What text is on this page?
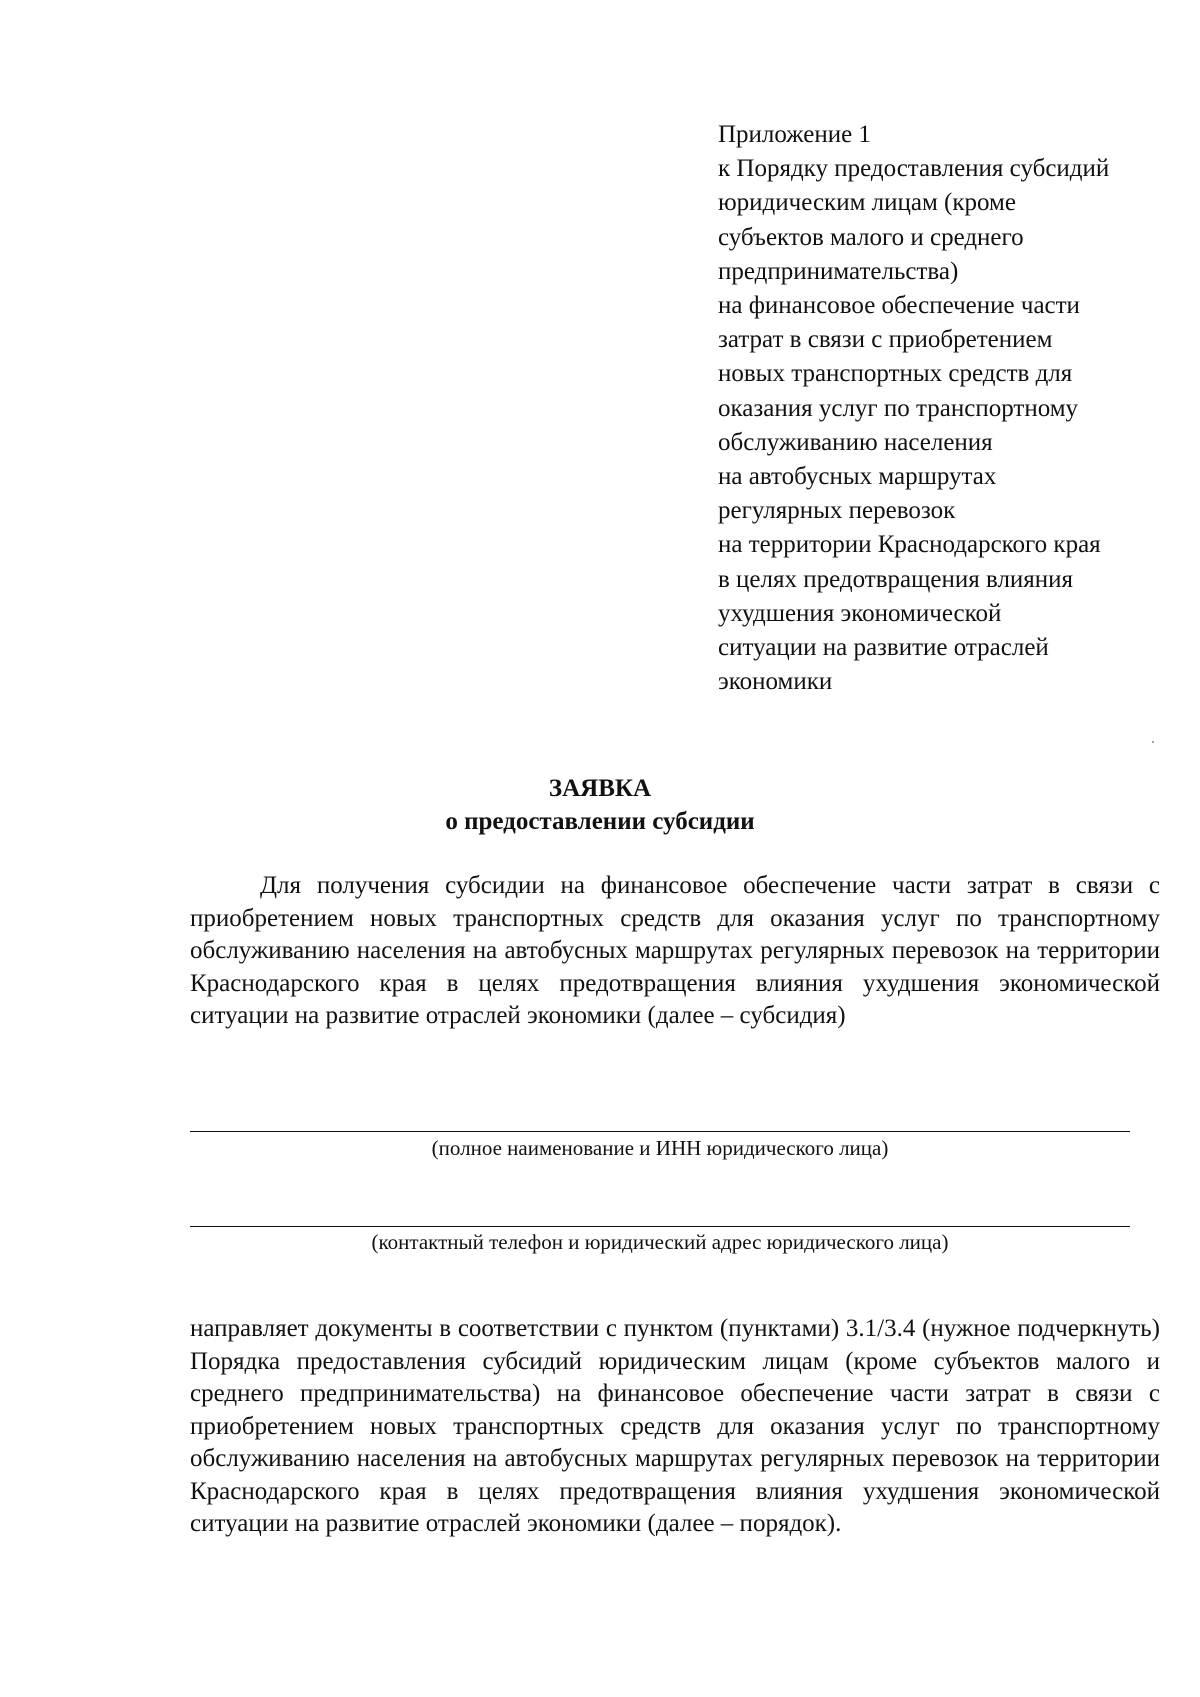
Приложение 1
к Порядку предоставления субсидий
юридическим лицам (кроме
субъектов малого и среднего
предпринимательства)
на финансовое обеспечение части
затрат в связи с приобретением
новых транспортных средств для
оказания услуг по транспортному
обслуживанию населения
на автобусных маршрутах
регулярных перевозок
на территории Краснодарского края
в целях предотвращения влияния
ухудшения экономической
ситуации на развитие отраслей
экономики
ЗАЯВКА
о предоставлении субсидии
Для получения субсидии на финансовое обеспечение части затрат в связи с приобретением новых транспортных средств для оказания услуг по транспортному обслуживанию населения на автобусных маршрутах регулярных перевозок на территории Краснодарского края в целях предотвращения влияния ухудшения экономической ситуации на развитие отраслей экономики (далее – субсидия)
(полное наименование и ИНН юридического лица)
(контактный телефон и юридический адрес юридического лица)
направляет документы в соответствии с пунктом (пунктами) 3.1/3.4 (нужное подчеркнуть) Порядка предоставления субсидий юридическим лицам (кроме субъектов малого и среднего предпринимательства) на финансовое обеспечение части затрат в связи с приобретением новых транспортных средств для оказания услуг по транспортному обслуживанию населения на автобусных маршрутах регулярных перевозок на территории Краснодарского края в целях предотвращения влияния ухудшения экономической ситуации на развитие отраслей экономики (далее – порядок).
